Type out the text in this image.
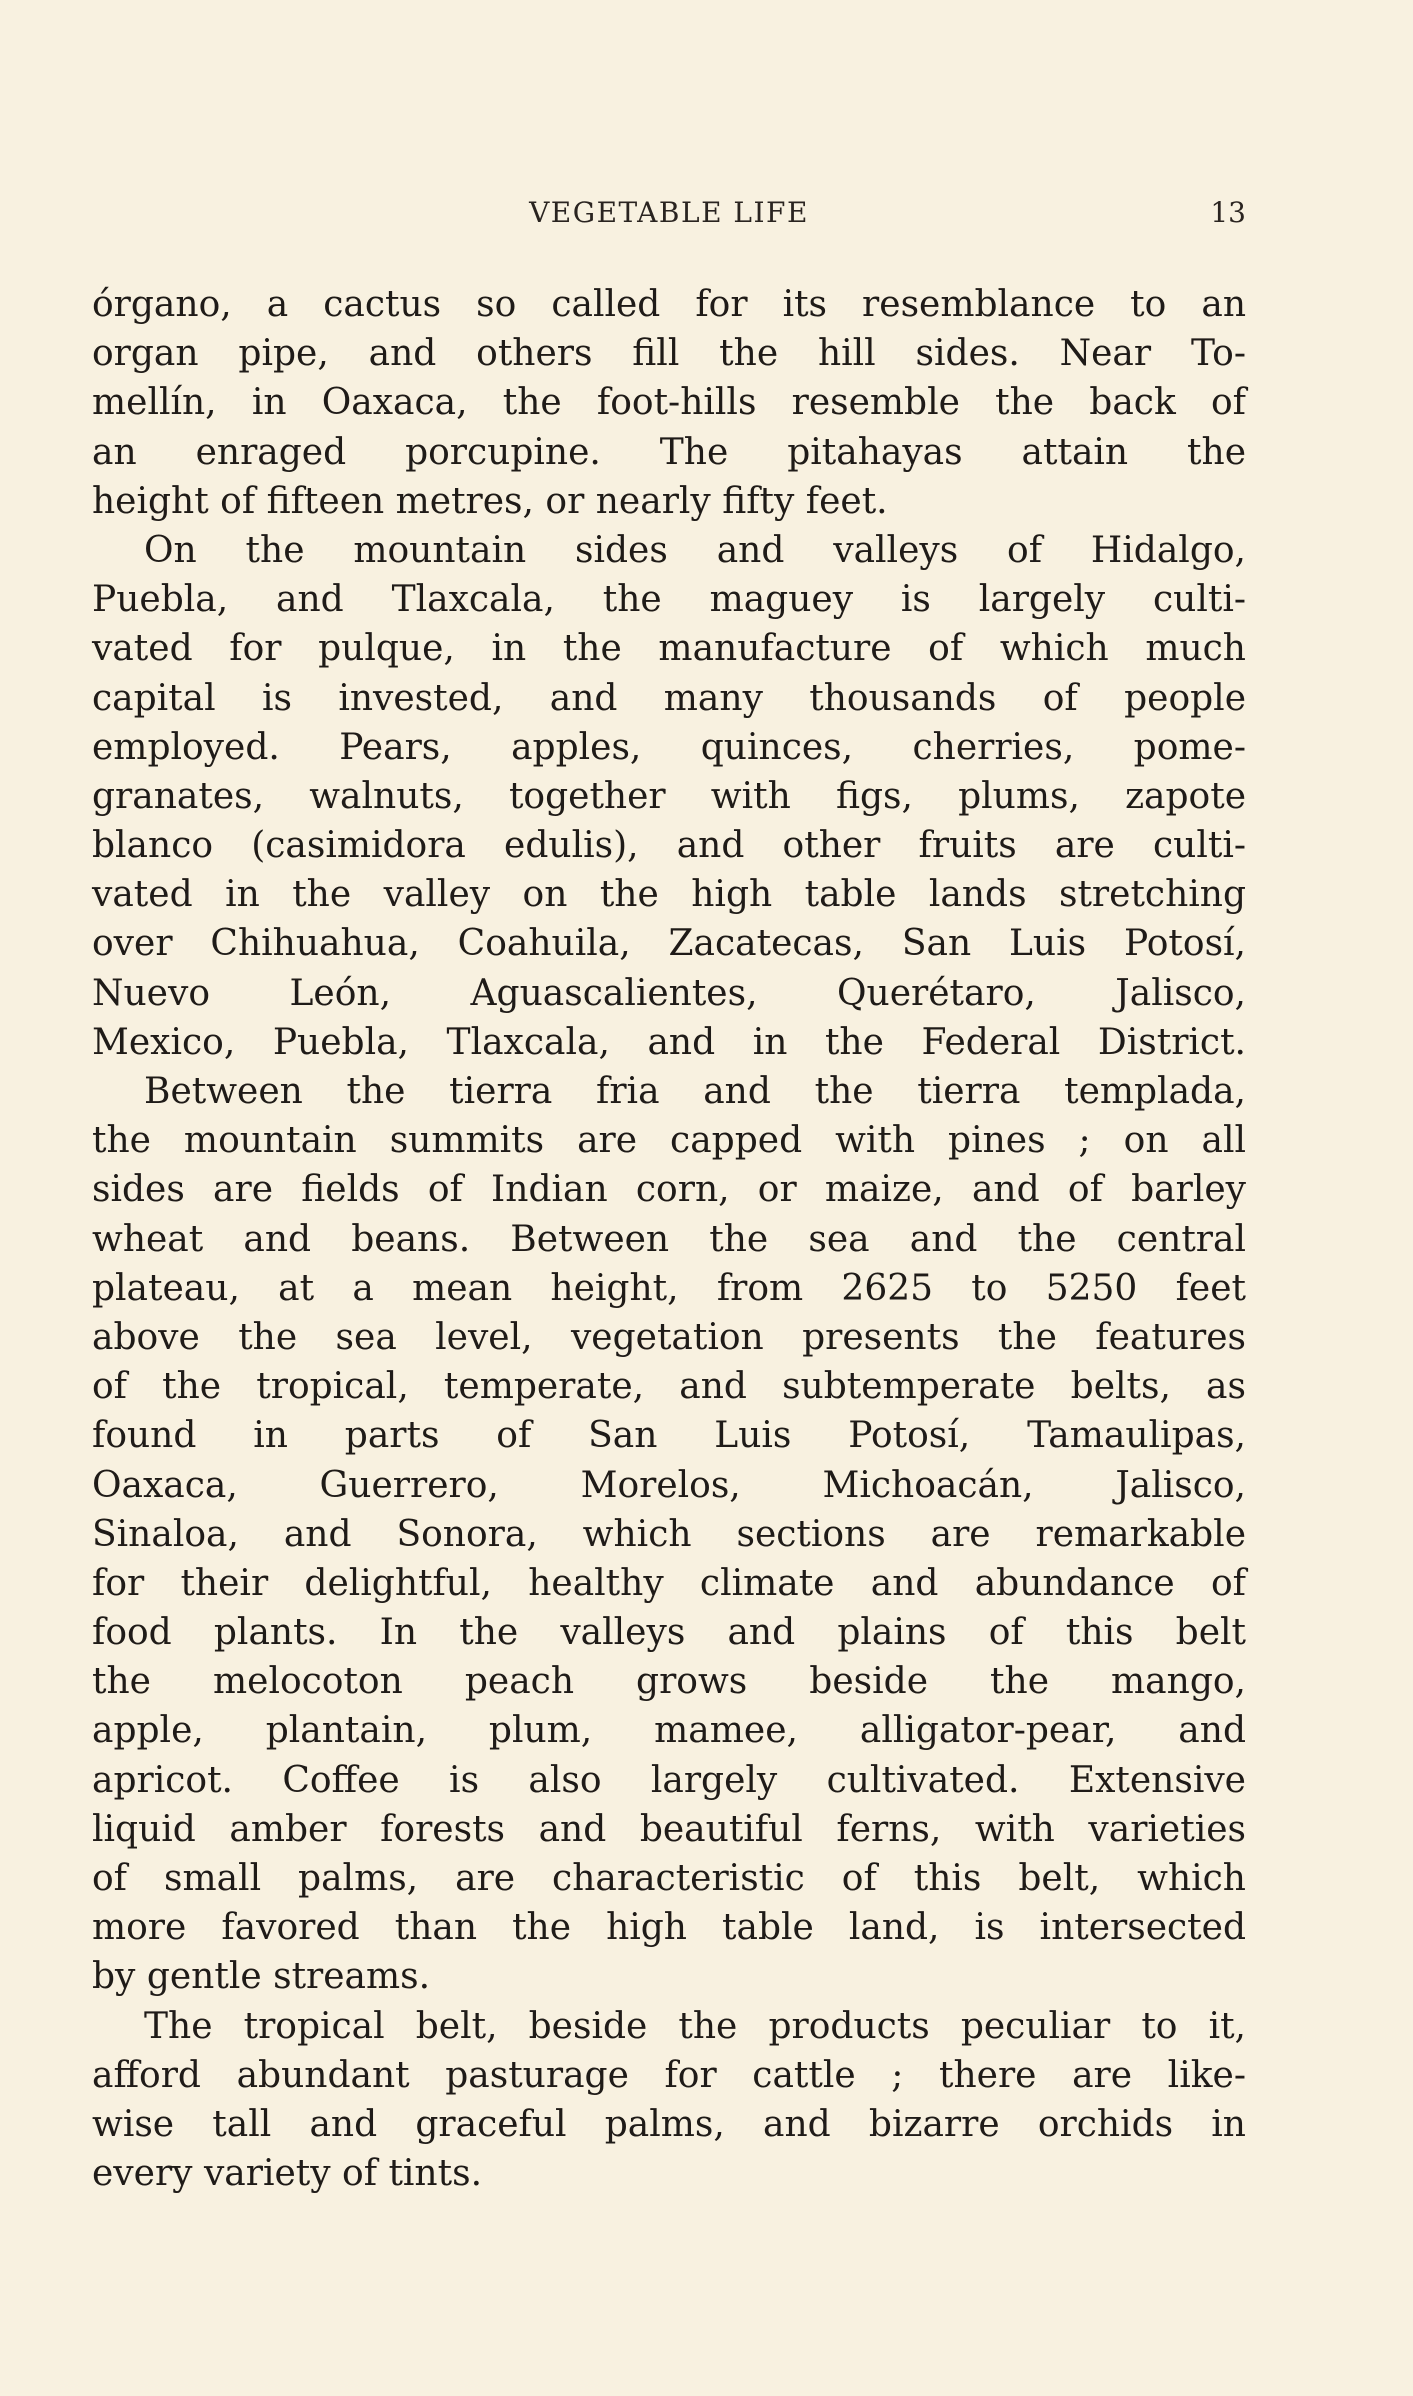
VEGETABLE LIFE	13
órgano, a cactus so called for its resemblance to an
organ pipe, and others fill the hill sides. Near To-
mellín, in Oaxaca, the foot-hills resemble the back of
an enraged porcupine. The pitahayas attain the
height of fifteen metres, or nearly fifty feet.
On the mountain sides and valleys of Hidalgo,
Puebla, and Tlaxcala, the maguey is largely culti-
vated for pulque, in the manufacture of which much
capital is invested, and many thousands of people
employed. Pears, apples, quinces, cherries, pome-
granates, walnuts, together with figs, plums, zapote
blanco (casimidora edulis), and other fruits are culti-
vated in the valley on the high table lands stretching
over Chihuahua, Coahuila, Zacatecas, San Luis Potosí,
Nuevo León, Aguascalientes, Querétaro, Jalisco,
Mexico, Puebla, Tlaxcala, and in the Federal District.
Between the tierra fria and the tierra templada,
the mountain summits are capped with pines ; on all
sides are fields of Indian corn, or maize, and of barley
wheat and beans. Between the sea and the central
plateau, at a mean height, from 2625 to 5250 feet
above the sea level, vegetation presents the features
of the tropical, temperate, and subtemperate belts, as
found in parts of San Luis Potosí, Tamaulipas,
Oaxaca, Guerrero, Morelos, Michoacán, Jalisco,
Sinaloa, and Sonora, which sections are remarkable
for their delightful, healthy climate and abundance of
food plants. In the valleys and plains of this belt
the melocoton peach grows beside the mango,
apple, plantain, plum, mamee, alligator-pear, and
apricot. Coffee is also largely cultivated. Extensive
liquid amber forests and beautiful ferns, with varieties
of small palms, are characteristic of this belt, which
more favored than the high table land, is intersected
by gentle streams.
The tropical belt, beside the products peculiar to it,
afford abundant pasturage for cattle ; there are like-
wise tall and graceful palms, and bizarre orchids in
every variety of tints.
